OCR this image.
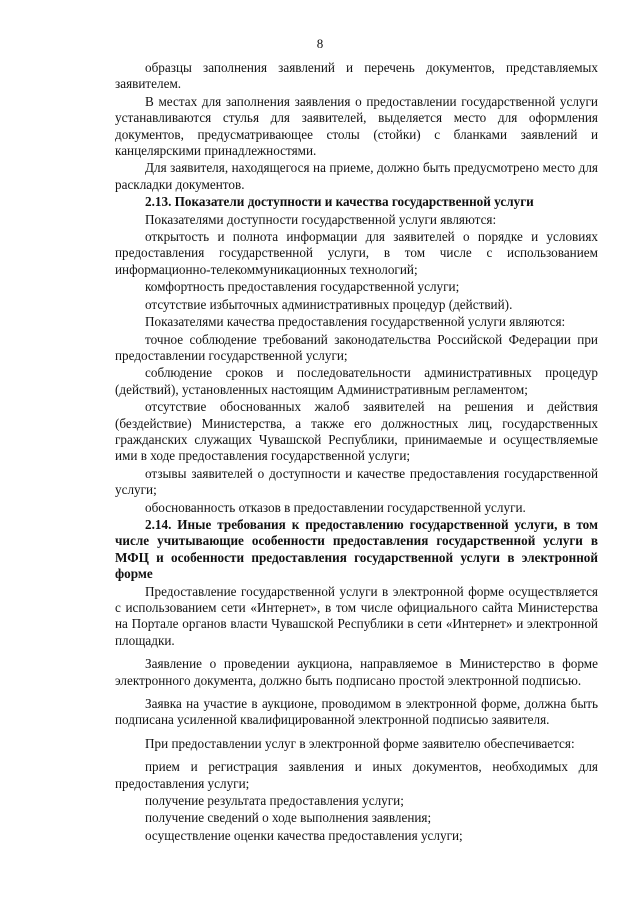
8

образцы заполнения заявлений и перечень документов, представляемых заявителем.

В местах для заполнения заявления о предоставлении государственной услуги устанавливаются стулья для заявителей, выделяется место для оформления документов, предусматривающее столы (стойки) с бланками заявлений и канцелярскими принадлежностями.

Для заявителя, находящегося на приеме, должно быть предусмотрено место для раскладки документов.

2.13. Показатели доступности и качества государственной услуги

Показателями доступности государственной услуги являются:

открытость и полнота информации для заявителей о порядке и условиях предоставления государственной услуги, в том числе с использованием информационно-телекоммуникационных технологий;

комфортность предоставления государственной услуги;

отсутствие избыточных административных процедур (действий).

Показателями качества предоставления государственной услуги являются:

точное соблюдение требований законодательства Российской Федерации при предоставлении государственной услуги;

соблюдение сроков и последовательности административных процедур (действий), установленных настоящим Административным регламентом;

отсутствие обоснованных жалоб заявителей на решения и действия (бездействие) Министерства, а также его должностных лиц, государственных гражданских служащих Чувашской Республики, принимаемые и осуществляемые ими в ходе предоставления государственной услуги;

отзывы заявителей о доступности и качестве предоставления государственной услуги;

обоснованность отказов в предоставлении государственной услуги.

2.14. Иные требования к предоставлению государственной услуги, в том числе учитывающие особенности предоставления государственной услуги в МФЦ и особенности предоставления государственной услуги в электронной форме

Предоставление государственной услуги в электронной форме осуществляется с использованием сети «Интернет», в том числе официального сайта Министерства на Портале органов власти Чувашской Республики в сети «Интернет» и электронной площадки.

Заявление о проведении аукциона, направляемое в Министерство в форме электронного документа, должно быть подписано простой электронной подписью.

Заявка на участие в аукционе, проводимом в электронной форме, должна быть подписана усиленной квалифицированной электронной подписью заявителя.

При предоставлении услуг в электронной форме заявителю обеспечивается:

прием и регистрация заявления и иных документов, необходимых для предоставления услуги;

получение результата предоставления услуги;

получение сведений о ходе выполнения заявления;

осуществление оценки качества предоставления услуги;
